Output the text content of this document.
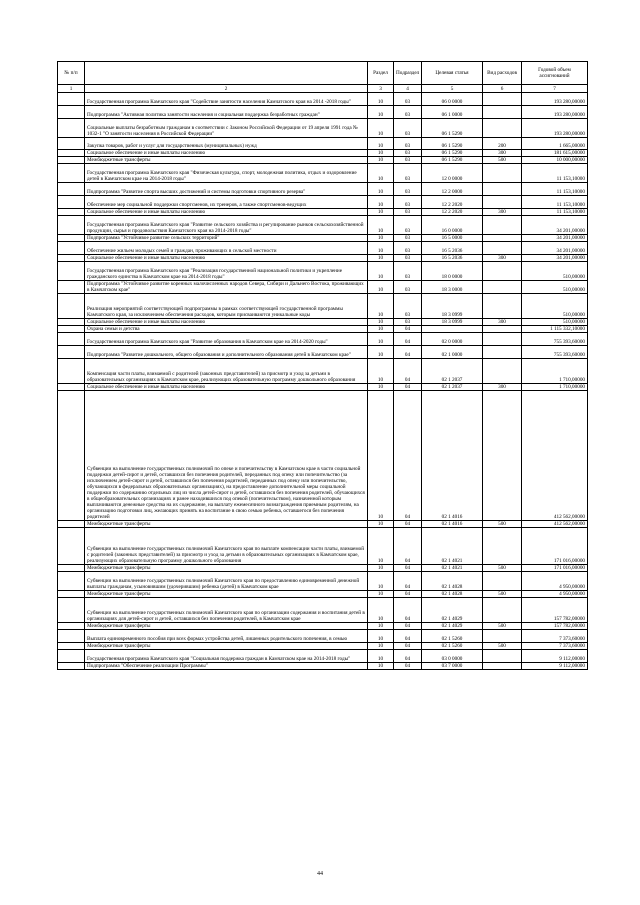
№ п/п		Раздел	Подраздел	Целевая статья	Вид расходов	Годовой объем ассигнований
1	2	3	4	5	6	7
	Государственная программа Камчатского края "Содействие занятости населения Камчатского края на 2014 -2018 годы"	10	03	06 0 0000		193 280,00000
	Подпрограмма "Активная политика занятости населения и социальная поддержка безработных граждан"	10	03	06 1 0000		193 280,00000
	Социальные выплаты безработным гражданам в соответствии с Законом Российской Федерации от 19 апреля 1991 года № 1032-1 "О занятости населения в Российской Федерации"	10	03	06 1 5290		193 280,00000
	Закупка товаров, работ и услуг для государственных (муниципальных) нужд	10	03	06 1 5290	200	1 665,00000
	Социальное обеспечение и иные выплаты населению	10	03	06 1 5290	300	181 615,00000
	Межбюджетные трансферты	10	03	06 1 5290	500	10 000,00000
	Государственная программа Камчатского края "Физическая культура, спорт, молодежная политика, отдых и оздоровление детей в Камчатском крае на 2014-2018 годы"	10	03	12 0 0000		11 153,10000
	Подпрограмма "Развитие спорта высших достижений и системы подготовки спортивного резерва"	10	03	12 2 0000		11 153,10000
	Обеспечение мер социальной поддержки спортсменов, их тренеров, а также спортсменов-ведущих	10	03	12 2 2020		11 153,10000
	Социальное обеспечение и иные выплаты населению	10	03	12 2 2020	300	11 153,10000
	Государственная программа Камчатского края "Развитие сельского хозяйства и регулирование рынков сельскохозяйственной продукции, сырья и продовольствия Камчатского края на 2014-2018 годы"	10	03	16 0 0000		34 201,00000
	Подпрограмма "Устойчивое развитие сельских территорий"	10	03	16 5 0000		34 201,00000
	Обеспечение жильем молодых семей и граждан, проживающих в сельской местности	10	03	16 5 2036		34 201,00000
	Социальное обеспечение и иные выплаты населению	10	03	16 5 2036	300	34 201,00000
	Государственная программа Камчатского края "Реализация государственной национальной политики и укрепление гражданского единства в Камчатском крае на 2014-2018 годы"	10	03	18 0 0000		510,00000
	Подпрограмма "Устойчивое развитие коренных малочисленных народов Севера, Сибири и Дальнего Востока, проживающих в Камчатском крае"	10	03	18 3 0000		510,00000
	Реализация мероприятий соответствующей подпрограммы в рамках соответствующей государственной программы Камчатского края, за исключением обеспечения расходов, которым присваиваются уникальные коды	10	03	18 3 0999		510,00000
	Социальное обеспечение и иные выплаты населению	10	03	18 3 0999	300	510,00000
	Охрана семьи и детства	10	04			1 115 332,10000
	Государственная программа Камчатского края "Развитие образования в Камчатском крае на 2014-2020 годы"	10	04	02 0 0000		755 393,60000
	Подпрограмма "Развитие дошкольного, общего образования и дополнительного образования детей в Камчатском крае"	10	04	02 1 0000		755 393,60000
	Компенсация части платы, взимаемой с родителей (законных представителей) за присмотр и уход за детьми в образовательных организациях в Камчатском крае, реализующих образовательную программу дошкольного образования	10	04	02 1 2037		1 710,00000
	Социальное обеспечение и иные выплаты населению	10	04	02 1 2037	300	1 710,00000
	Субвенции на выполнение государственных полномочий по опеке и попечительству в Камчатском крае в части социальной поддержки детей-сирот и детей, оставшихся без попечения родителей, переданных под опеку или попечительство (за исключением детей-сирот и детей, оставшихся без попечения родителей, переданных под опеку или попечительство, обучающихся в федеральных образовательных организациях), на предоставление дополнительной меры социальной поддержки по содержанию отдельных лиц из числа детей-сирот и детей, оставшихся без попечения родителей, обучающихся в общеобразовательных организациях и ранее находившихся под опекой (попечительством), назначенной которым выплачиваются денежные средства на их содержание, на выплату ежемесячного вознаграждения приемным родителям, на организацию подготовки лиц, желающих принять на воспитание в свою семью ребенка, оставшегося без попечения родителей	10	04	02 1 4016		412 562,00000
	Межбюджетные трансферты	10	04	02 1 4016	500	412 562,00000
	Субвенции на выполнение государственных полномочий Камчатского края по выплате компенсации части платы, взимаемой с родителей (законных представителей) за присмотр и уход за детьми в образовательных организациях в Камчатском крае, реализующих образовательную программу дошкольного образования	10	04	02 1 4021		171 016,00000
	Межбюджетные трансферты	10	04	02 1 4021	500	171 016,00000
	Субвенции на выполнение государственных полномочий Камчатского края по предоставлению единовременной денежной выплаты гражданам, усыновившим (удочерившим) ребенка (детей) в Камчатском крае	10	04	02 1 4028		4 950,00000
	Межбюджетные трансферты	10	04	02 1 4028	500	4 950,00000
	Субвенции на выполнение государственных полномочий Камчатского края по организации содержания и воспитания детей в организациях для детей-сирот и детей, оставшихся без попечения родителей, в Камчатском крае	10	04	02 1 4029		157 782,00000
	Межбюджетные трансферты	10	04	02 1 4029	500	157 782,00000
	Выплата единовременного пособия при всех формах устройства детей, лишенных родительского попечения, в семью	10	04	02 1 5260		7 373,60000
	Межбюджетные трансферты	10	04	02 1 5260	500	7 373,60000
	Государственная программа Камчатского края "Социальная поддержка граждан в Камчатском крае на 2014-2018 годы"	10	04	03 0 0000		9 112,00000
	Подпрограмма "Обеспечение реализации Программы"	10	04	03 7 0000		9 112,00000
44
